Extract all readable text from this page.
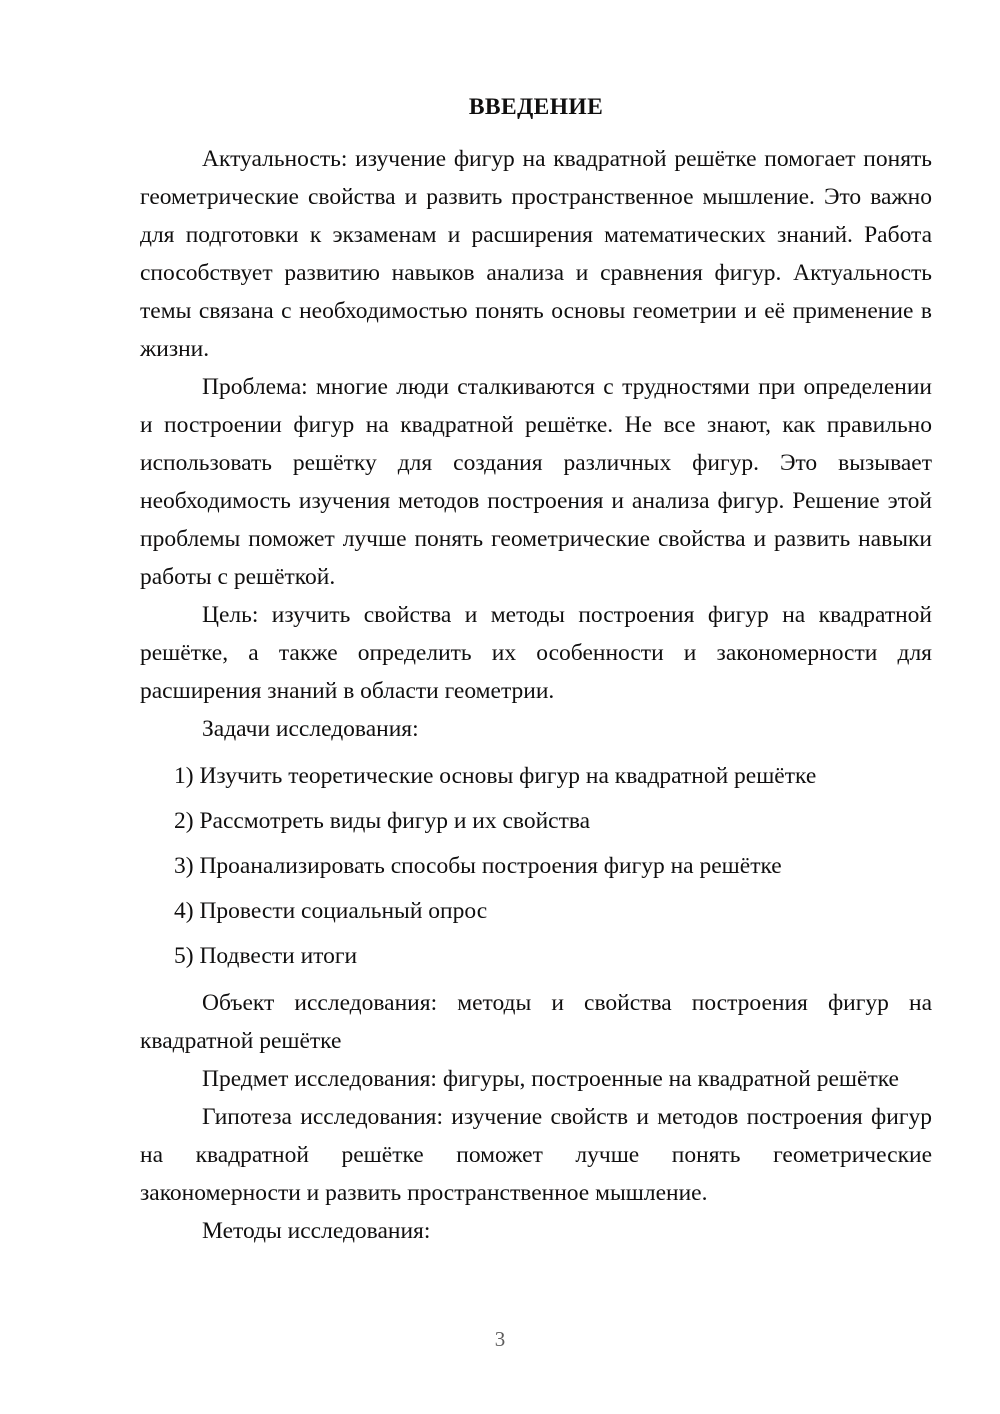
ВВЕДЕНИЕ

Актуальность: изучение фигур на квадратной решётке помогает понять геометрические свойства и развить пространственное мышление. Это важно для подготовки к экзаменам и расширения математических знаний. Работа способствует развитию навыков анализа и сравнения фигур. Актуальность темы связана с необходимостью понять основы геометрии и её применение в жизни.

Проблема: многие люди сталкиваются с трудностями при определении и построении фигур на квадратной решётке. Не все знают, как правильно использовать решётку для создания различных фигур. Это вызывает необходимость изучения методов построения и анализа фигур. Решение этой проблемы поможет лучше понять геометрические свойства и развить навыки работы с решёткой.

Цель: изучить свойства и методы построения фигур на квадратной решётке, а также определить их особенности и закономерности для расширения знаний в области геометрии.

Задачи исследования:

1) Изучить теоретические основы фигур на квадратной решётке
2) Рассмотреть виды фигур и их свойства
3) Проанализировать способы построения фигур на решётке
4) Провести социальный опрос
5) Подвести итоги

Объект исследования: методы и свойства построения фигур на квадратной решётке

Предмет исследования: фигуры, построенные на квадратной решётке

Гипотеза исследования: изучение свойств и методов построения фигур на квадратной решётке поможет лучше понять геометрические закономерности и развить пространственное мышление.

Методы исследования:

3
